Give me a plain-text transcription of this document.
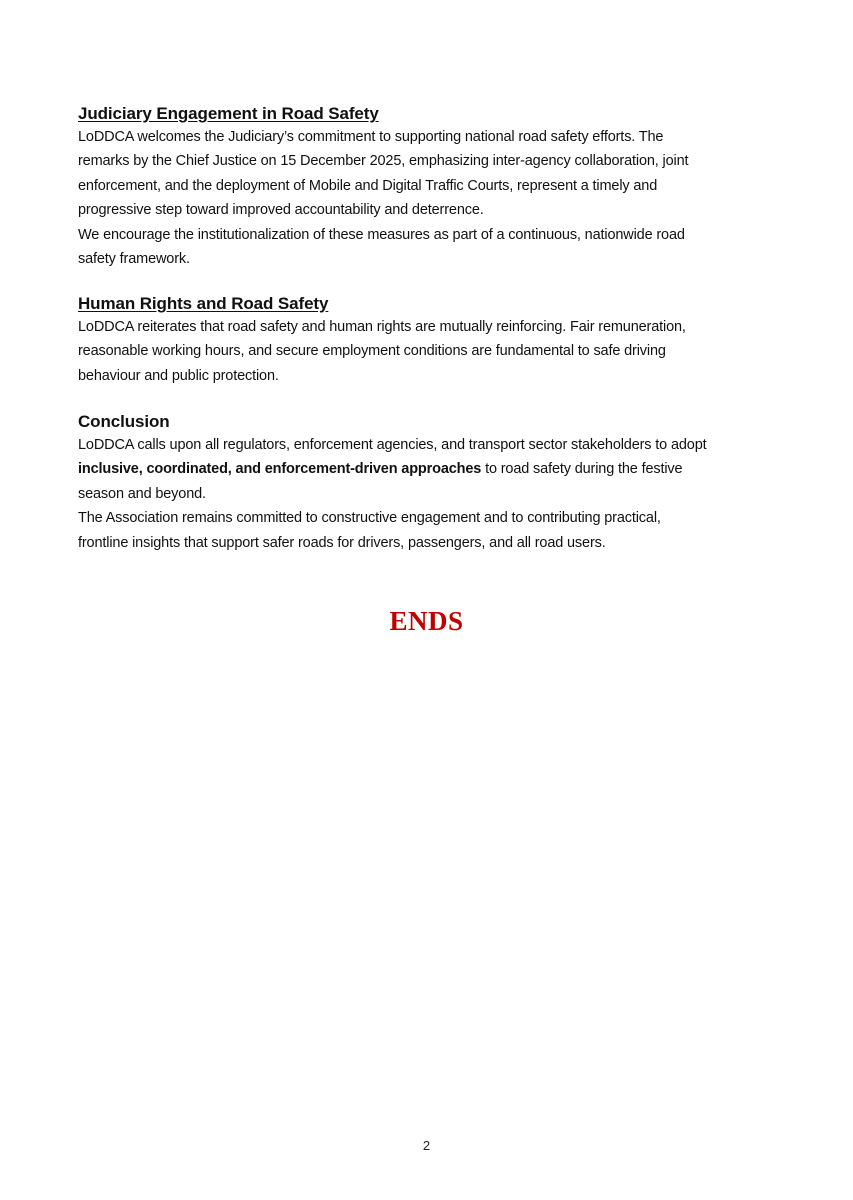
Judiciary Engagement in Road Safety

LoDDCA welcomes the Judiciary’s commitment to supporting national road safety efforts. The

remarks by the Chief Justice on 15 December 2025, emphasizing inter-agency collaboration, joint

enforcement, and the deployment of Mobile and Digital Traffic Courts, represent a timely and

progressive step toward improved accountability and deterrence.

We encourage the institutionalization of these measures as part of a continuous, nationwide road

safety framework.

Human Rights and Road Safety

LoDDCA reiterates that road safety and human rights are mutually reinforcing. Fair remuneration,

reasonable working hours, and secure employment conditions are fundamental to safe driving

behaviour and public protection.

Conclusion

LoDDCA calls upon all regulators, enforcement agencies, and transport sector stakeholders to adopt

inclusive, coordinated, and enforcement-driven approaches to road safety during the festive

season and beyond.

The Association remains committed to constructive engagement and to contributing practical,

frontline insights that support safer roads for drivers, passengers, and all road users.

ENDS
2
